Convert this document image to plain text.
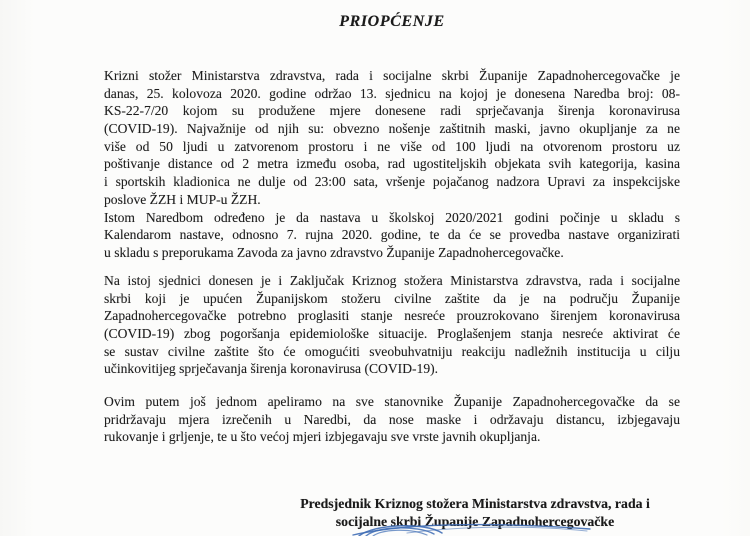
PRIOPĆENJE
Krizni stožer Ministarstva zdravstva, rada i socijalne skrbi Županije Zapadnohercegovačke je
danas, 25. kolovoza 2020. godine održao 13. sjednicu na kojoj je donesena Naredba broj: 08-
KS-22-7/20 kojom su produžene mjere donesene radi sprječavanja širenja koronavirusa
(COVID-19). Najvažnije od njih su: obvezno nošenje zaštitnih maski, javno okupljanje za ne
više od 50 ljudi u zatvorenom prostoru i ne više od 100 ljudi na otvorenom prostoru uz
poštivanje distance od 2 metra između osoba, rad ugostiteljskih objekata svih kategorija, kasina
i sportskih kladionica ne dulje od 23:00 sata, vršenje pojačanog nadzora Upravi za inspekcijske
poslove ŽZH i MUP-u ŽZH.
Istom Naredbom određeno je da nastava u školskoj 2020/2021 godini počinje u skladu s
Kalendarom nastave, odnosno 7. rujna 2020. godine, te da će se provedba nastave organizirati
u skladu s preporukama Zavoda za javno zdravstvo Županije Zapadnohercegovačke.
Na istoj sjednici donesen je i Zaključak Kriznog stožera Ministarstva zdravstva, rada i socijalne
skrbi koji je upućen Županijskom stožeru civilne zaštite da je na području Županije
Zapadnohercegovačke potrebno proglasiti stanje nesreće prouzrokovano širenjem koronavirusa
(COVID-19) zbog pogoršanja epidemiološke situacije. Proglašenjem stanja nesreće aktivirat će
se sustav civilne zaštite što će omogućiti sveobuhvatniju reakciju nadležnih institucija u cilju
učinkovitijeg sprječavanja širenja koronavirusa (COVID-19).
Ovim putem još jednom apeliramo na sve stanovnike Županije Zapadnohercegovačke da se
pridržavaju mjera izrečenih u Naredbi, da nose maske i održavaju distancu, izbjegavaju
rukovanje i grljenje, te u što većoj mjeri izbjegavaju sve vrste javnih okupljanja.
Predsjednik Kriznog stožera Ministarstva zdravstva, rada i
socijalne skrbi Županije Zapadnohercegovačke
